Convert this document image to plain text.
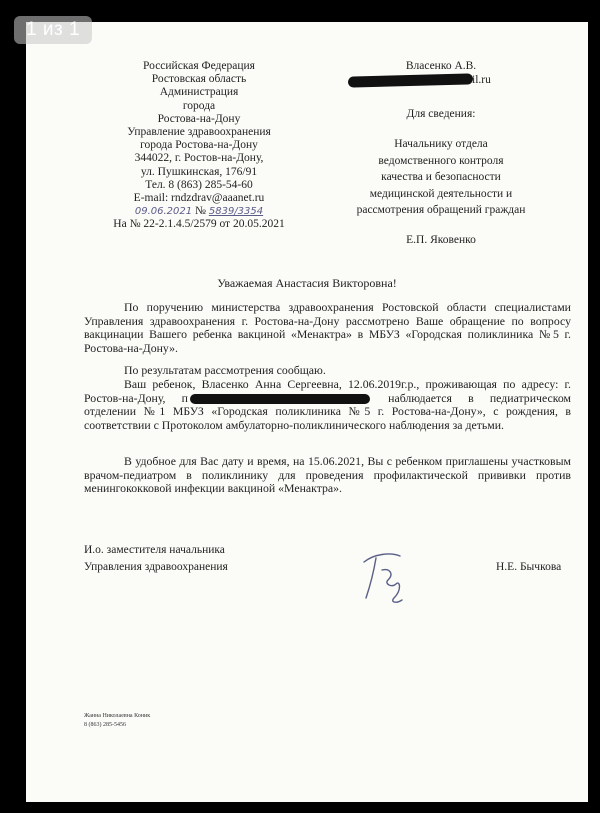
1 из 1
Российская Федерация
Ростовская область
Администрация
города
Ростова-на-Дону
Управление здравоохранения
города Ростова-на-Дону
344022, г. Ростов-на-Дону,
ул. Пушкинская, 176/91
Тел. 8 (863) 285-54-60
E-mail: rndzdrav@aaanet.ru
09.06.2021 № 5839/3354
На № 22-2.1.4.5/2579 от 20.05.2021
Власенко А.В.
il.ru
Для сведения:
Начальнику отдела
ведомственного контроля
качества и безопасности
медицинской деятельности и
рассмотрения обращений граждан
Е.П. Яковенко
Уважаемая Анастасия Викторовна!
По поручению министерства здравоохранения Ростовской области специалистами Управления здравоохранения г. Ростова-на-Дону рассмотрено Ваше обращение по вопросу вакцинации Вашего ребенка вакциной «Менактра» в МБУЗ «Городская поликлиника №5 г. Ростова-на-Дону».
По результатам рассмотрения сообщаю.
Ваш ребенок, Власенко Анна Сергеевна, 12.06.2019г.р., проживающая по адресу: г. Ростов-на-Дону, п	наблюдается в педиатрическом отделении №1 МБУЗ «Городская поликлиника №5 г. Ростова-на-Дону», с рождения, в соответствии с Протоколом амбулаторно-поликлинического наблюдения за детьми.
В удобное для Вас дату и время, на 15.06.2021, Вы с ребенком приглашены участковым врачом-педиатром в поликлинику для проведения профилактической прививки против менингококковой инфекции вакциной «Менактра».
И.о. заместителя начальника
Управления здравоохранения	Н.Е. Бычкова
Жанна Николаевна Коник
8 (863) 285-5456
